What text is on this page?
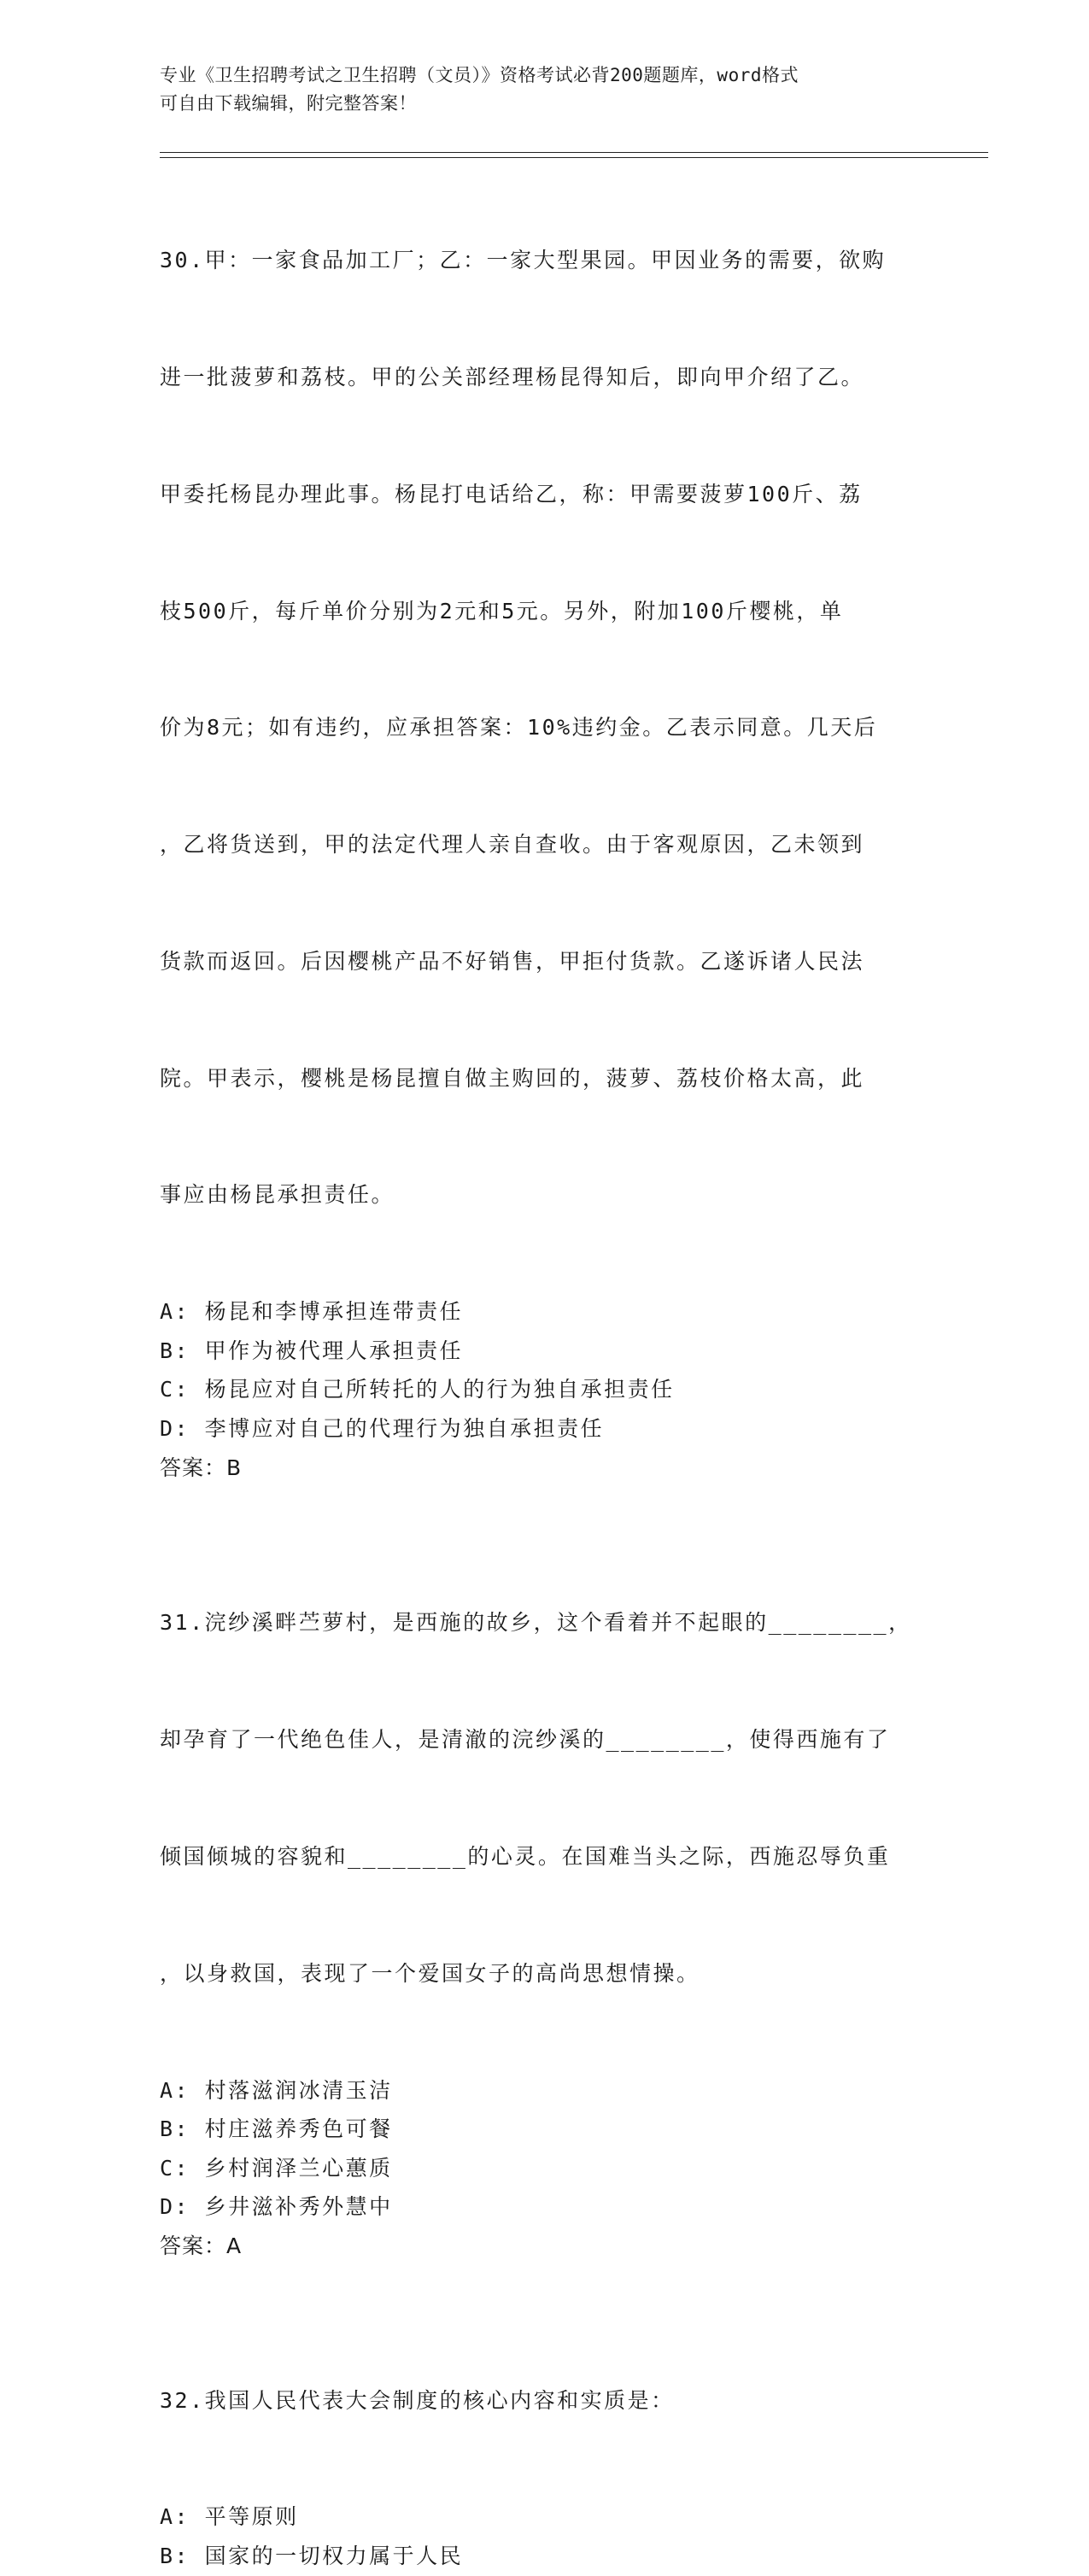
专业《卫生招聘考试之卫生招聘（文员）》资格考试必背200题题库，word格式
可自由下载编辑，附完整答案！

30.甲：一家食品加工厂；乙：一家大型果园。甲因业务的需要，欲购

进一批菠萝和荔枝。甲的公关部经理杨昆得知后，即向甲介绍了乙。

甲委托杨昆办理此事。杨昆打电话给乙，称：甲需要菠萝100斤、荔

枝500斤，每斤单价分别为2元和5元。另外，附加100斤樱桃，单

价为8元；如有违约，应承担答案：10%违约金。乙表示同意。几天后

，乙将货送到，甲的法定代理人亲自查收。由于客观原因，乙未领到

货款而返回。后因樱桃产品不好销售，甲拒付货款。乙遂诉诸人民法

院。甲表示，樱桃是杨昆擅自做主购回的，菠萝、荔枝价格太高，此

事应由杨昆承担责任。

A: 杨昆和李博承担连带责任
B: 甲作为被代理人承担责任
C: 杨昆应对自己所转托的人的行为独自承担责任
D: 李博应对自己的代理行为独自承担责任
答案：B

31.浣纱溪畔苎萝村，是西施的故乡，这个看着并不起眼的________，

却孕育了一代绝色佳人，是清澈的浣纱溪的________，使得西施有了

倾国倾城的容貌和________的心灵。在国难当头之际，西施忍辱负重

，以身救国，表现了一个爱国女子的高尚思想情操。

A: 村落滋润冰清玉洁
B: 村庄滋养秀色可餐
C: 乡村润泽兰心蕙质
D: 乡井滋补秀外慧中
答案：A

32.我国人民代表大会制度的核心内容和实质是：

A: 平等原则
B: 国家的一切权力属于人民
